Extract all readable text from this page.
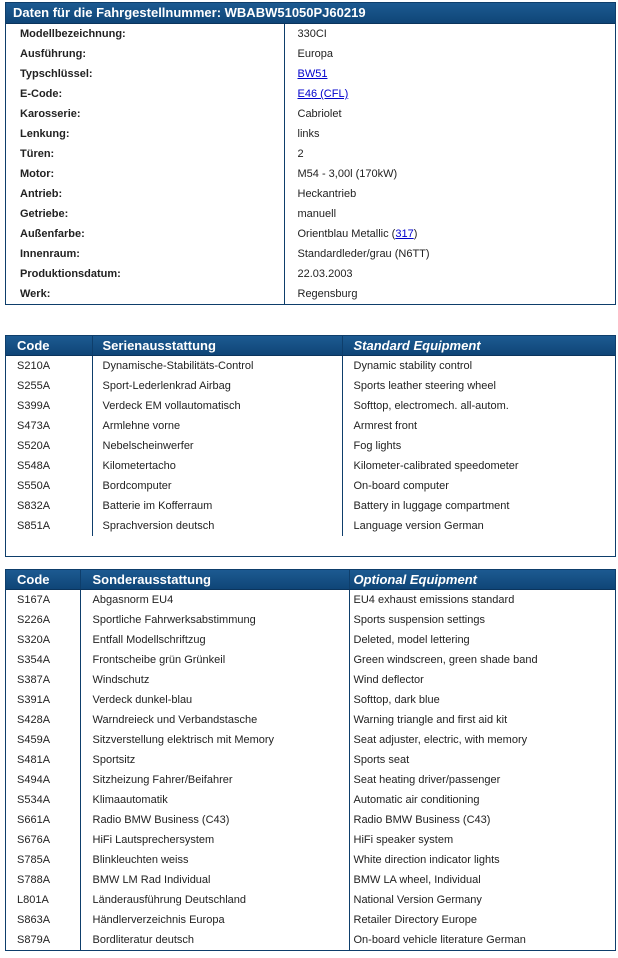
Daten für die Fahrgestellnummer: WBABW51050PJ60219
Modellbezeichnung:	330CI
Ausführung:	Europa
Typschlüssel:	BW51
E-Code:	E46 (CFL)
Karosserie:	Cabriolet
Lenkung:	links
Türen:	2
Motor:	M54 - 3,00l (170kW)
Antrieb:	Heckantrieb
Getriebe:	manuell
Außenfarbe:	Orientblau Metallic (317)
Innenraum:	Standardleder/grau (N6TT)
Produktionsdatum:	22.03.2003
Werk:	Regensburg
Code	Serienausstattung	Standard Equipment
S210A	Dynamische-Stabilitäts-Control	Dynamic stability control
S255A	Sport-Lederlenkrad Airbag	Sports leather steering wheel
S399A	Verdeck EM vollautomatisch	Softtop, electromech. all-autom.
S473A	Armlehne vorne	Armrest front
S520A	Nebelscheinwerfer	Fog lights
S548A	Kilometertacho	Kilometer-calibrated speedometer
S550A	Bordcomputer	On-board computer
S832A	Batterie im Kofferraum	Battery in luggage compartment
S851A	Sprachversion deutsch	Language version German
Code	Sonderausstattung	Optional Equipment
S167A	Abgasnorm EU4	EU4 exhaust emissions standard
S226A	Sportliche Fahrwerksabstimmung	Sports suspension settings
S320A	Entfall Modellschriftzug	Deleted, model lettering
S354A	Frontscheibe grün Grünkeil	Green windscreen, green shade band
S387A	Windschutz	Wind deflector
S391A	Verdeck dunkel-blau	Softtop, dark blue
S428A	Warndreieck und Verbandstasche	Warning triangle and first aid kit
S459A	Sitzverstellung elektrisch mit Memory	Seat adjuster, electric, with memory
S481A	Sportsitz	Sports seat
S494A	Sitzheizung Fahrer/Beifahrer	Seat heating driver/passenger
S534A	Klimaautomatik	Automatic air conditioning
S661A	Radio BMW Business (C43)	Radio BMW Business (C43)
S676A	HiFi Lautsprechersystem	HiFi speaker system
S785A	Blinkleuchten weiss	White direction indicator lights
S788A	BMW LM Rad Individual	BMW LA wheel, Individual
L801A	Länderausführung Deutschland	National Version Germany
S863A	Händlerverzeichnis Europa	Retailer Directory Europe
S879A	Bordliteratur deutsch	On-board vehicle literature German
